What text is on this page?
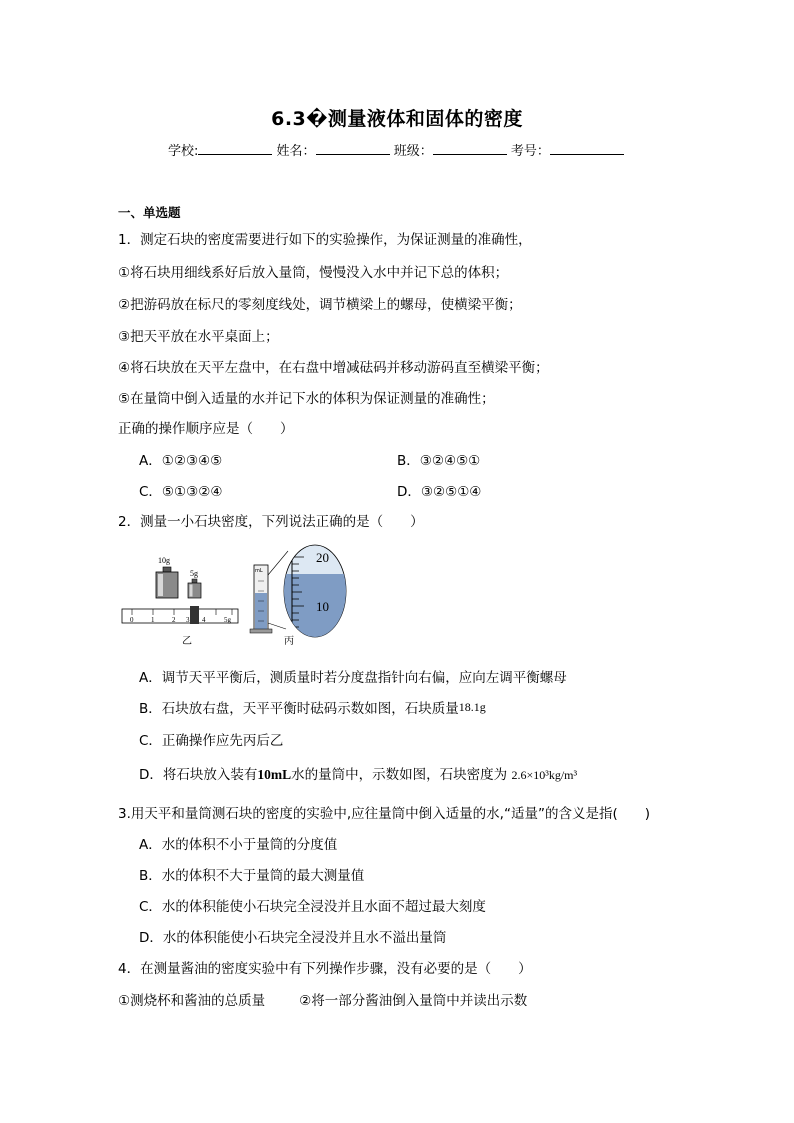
6.3�测量液体和固体的密度
学校:	姓名：	班级：	考号：
一、单选题
1．测定石块的密度需要进行如下的实验操作，为保证测量的准确性，
①将石块用细线系好后放入量筒，慢慢没入水中并记下总的体积；
②把游码放在标尺的零刻度线处，调节横梁上的螺母，使横梁平衡；
③把天平放在水平桌面上；
④将石块放在天平左盘中，在右盘中增减砝码并移动游码直至横梁平衡；
⑤在量筒中倒入适量的水并记下水的体积为保证测量的准确性；
正确的操作顺序应是（　　）
A．①②③④⑤	B．③②④⑤①
C．⑤①③②④	D．③②⑤①④
2．测量一小石块密度，下列说法正确的是（　　）
10g
5g
0	1	2 3 4	5g
乙
mL
丙
20
10
A．调节天平平衡后，测质量时若分度盘指针向右偏，应向左调平衡螺母
B．石块放右盘，天平平衡时砝码示数如图，石块质量18.1g
C．正确操作应先丙后乙
D．将石块放入装有10mL水的量筒中，示数如图，石块密度为 2.6×10³kg/m³
3.用天平和量筒测石块的密度的实验中,应往量筒中倒入适量的水,“适量”的含义是指(　　)
A．水的体积不小于量筒的分度值
B．水的体积不大于量筒的最大测量值
C．水的体积能使小石块完全浸没并且水面不超过最大刻度
D．水的体积能使小石块完全浸没并且水不溢出量筒
4．在测量酱油的密度实验中有下列操作步骤，没有必要的是（　　）
①测烧杯和酱油的总质量	②将一部分酱油倒入量筒中并读出示数
